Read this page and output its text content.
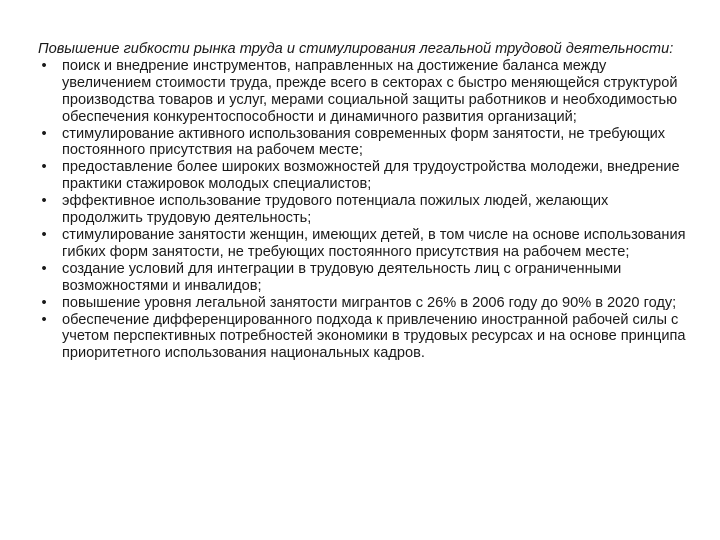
Повышение гибкости рынка труда и стимулирования легальной трудовой деятельности:

• поиск и внедрение инструментов, направленных на достижение баланса между увеличением стоимости труда, прежде всего в секторах с быстро меняющейся структурой производства товаров и услуг, мерами социальной защиты работников и необходимостью обеспечения конкурентоспособности и динамичного развития организаций;
• стимулирование активного использования современных форм занятости, не требующих постоянного присутствия на рабочем месте;
• предоставление более широких возможностей для трудоустройства молодежи, внедрение практики стажировок молодых специалистов;
• эффективное использование трудового потенциала пожилых людей, желающих продолжить трудовую деятельность;
• стимулирование занятости женщин, имеющих детей, в том числе на основе использования гибких форм занятости, не требующих постоянного присутствия на рабочем месте;
• создание условий для интеграции в трудовую деятельность лиц с ограниченными возможностями и инвалидов;
• повышение уровня легальной занятости мигрантов с 26% в 2006 году до 90% в 2020 году;
• обеспечение дифференцированного подхода к привлечению иностранной рабочей силы с учетом перспективных потребностей экономики в трудовых ресурсах и на основе принципа приоритетного использования национальных кадров.
